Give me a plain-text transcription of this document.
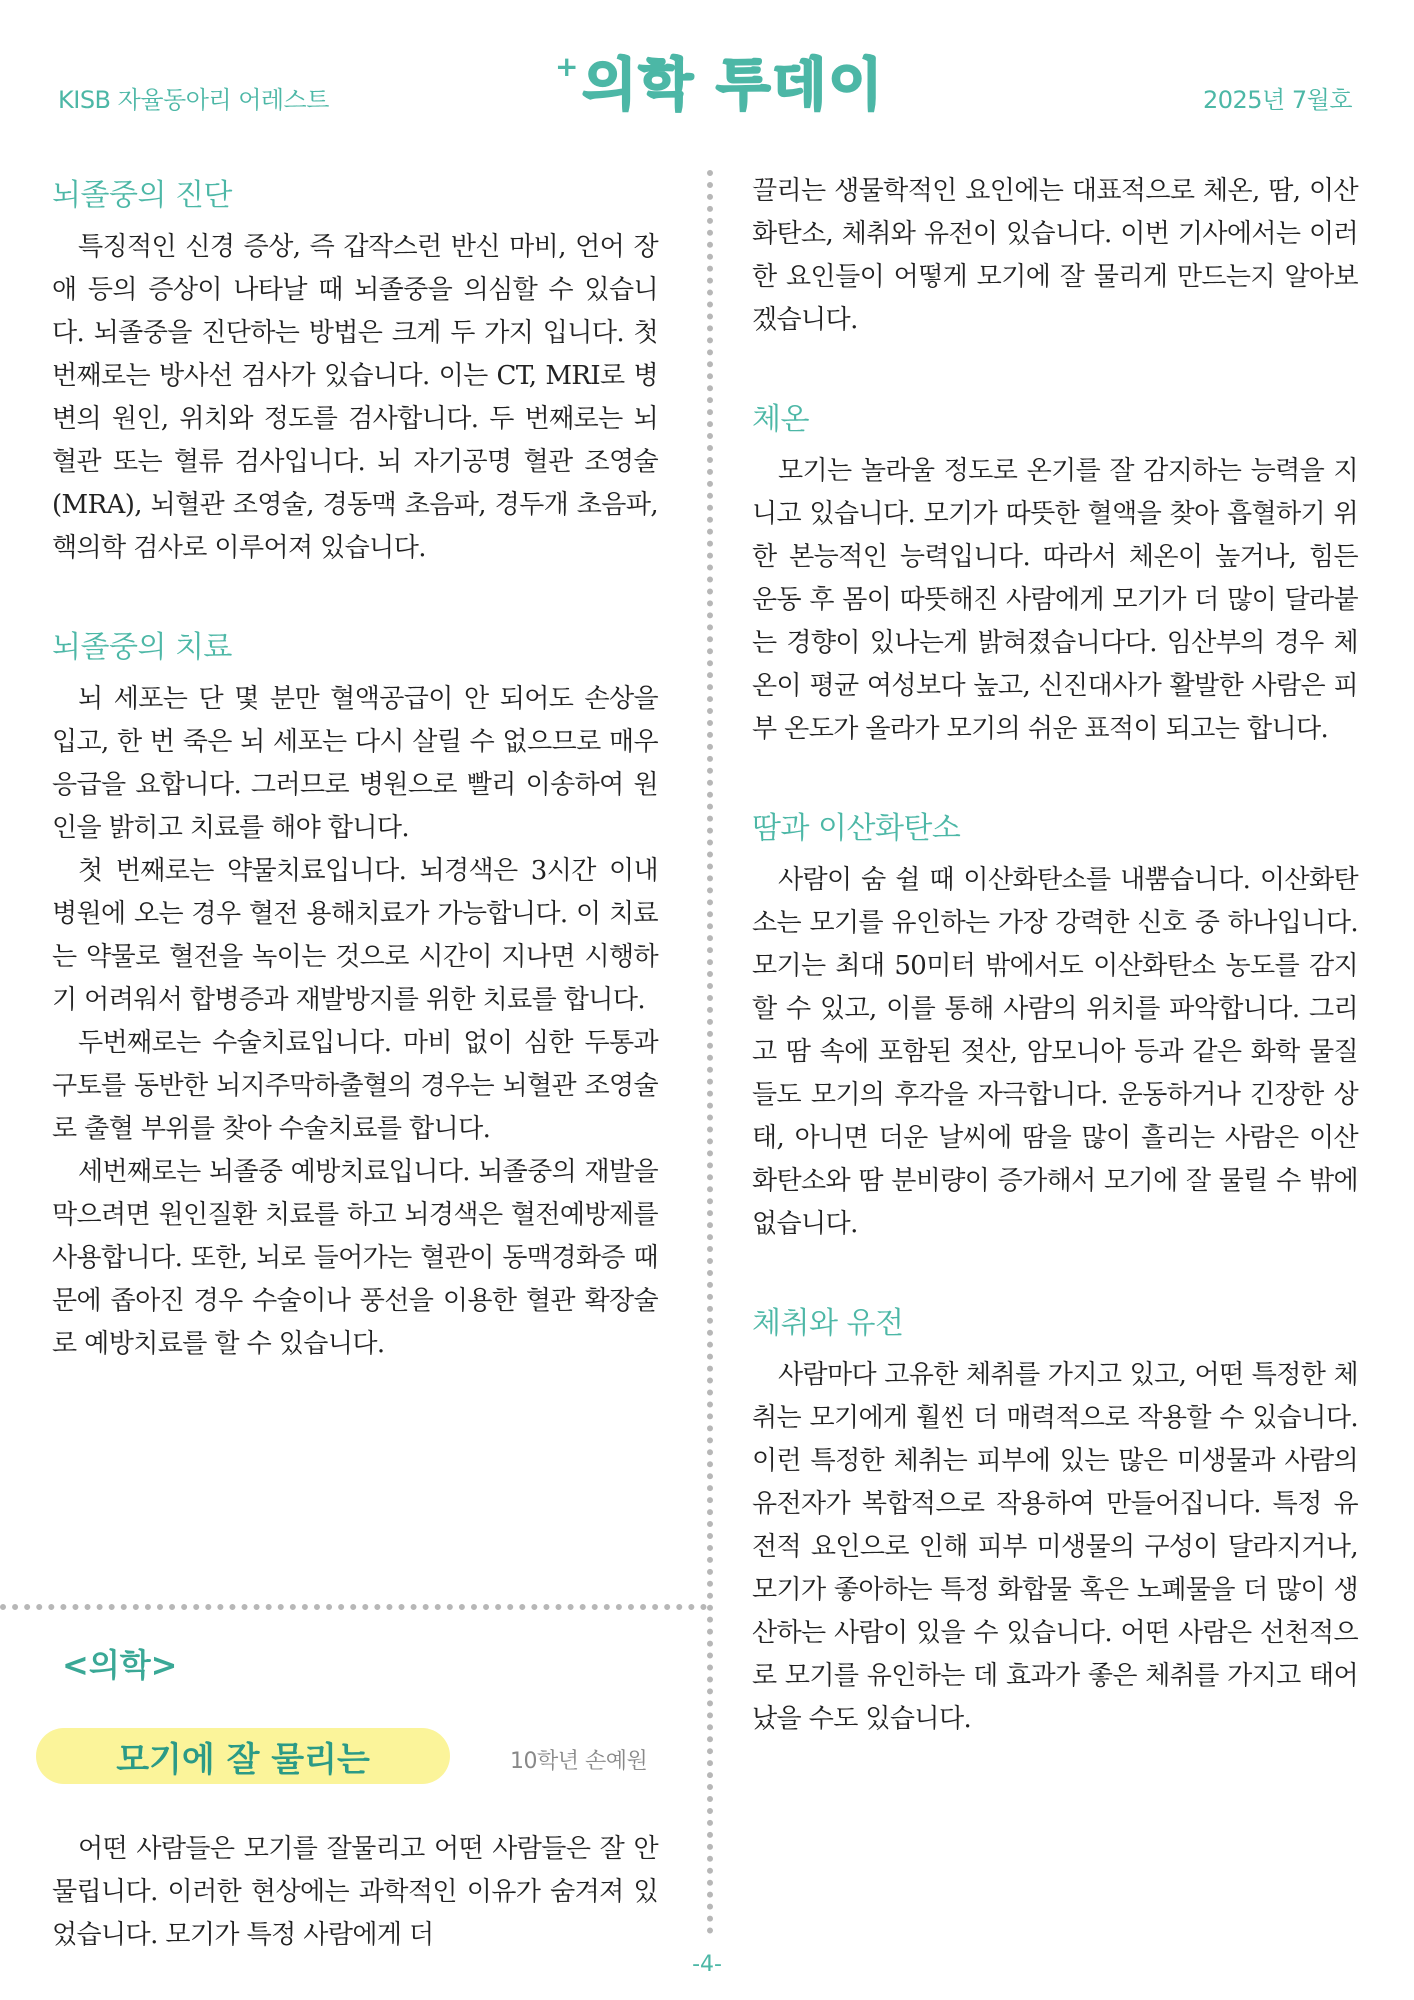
KISB 자율동아리 어레스트
+ 의학 투데이	2025년 7월호
뇌졸중의 진단

특징적인 신경 증상, 즉 갑작스런 반신 마비, 언어 장애 등의 증상이 나타날 때 뇌졸중을 의심할 수 있습니다. 뇌졸중을 진단하는 방법은 크게 두 가지 입니다. 첫 번째로는 방사선 검사가 있습니다. 이는 CT, MRI로 병변의 원인, 위치와 정도를 검사합니다. 두 번째로는 뇌혈관 또는 혈류 검사입니다. 뇌 자기공명 혈관 조영술(MRA), 뇌혈관 조영술, 경동맥 초음파, 경두개 초음파, 핵의학 검사로 이루어져 있습니다.

뇌졸중의 치료

뇌 세포는 단 몇 분만 혈액공급이 안 되어도 손상을 입고, 한 번 죽은 뇌 세포는 다시 살릴 수 없으므로 매우 응급을 요합니다. 그러므로 병원으로 빨리 이송하여 원인을 밝히고 치료를 해야 합니다.

첫 번째로는 약물치료입니다. 뇌경색은 3시간 이내 병원에 오는 경우 혈전 용해치료가 가능합니다. 이 치료는 약물로 혈전을 녹이는 것으로 시간이 지나면 시행하기 어려워서 합병증과 재발방지를 위한 치료를 합니다.

두번째로는 수술치료입니다. 마비 없이 심한 두통과 구토를 동반한 뇌지주막하출혈의 경우는 뇌혈관 조영술로 출혈 부위를 찾아 수술치료를 합니다.

세번째로는 뇌졸중 예방치료입니다. 뇌졸중의 재발을 막으려면 원인질환 치료를 하고 뇌경색은 혈전예방제를 사용합니다. 또한, 뇌로 들어가는 혈관이 동맥경화증 때문에 좁아진 경우 수술이나 풍선을 이용한 혈관 확장술로 예방치료를 할 수 있습니다.

<의학>
모기에 잘 물리는	10학년 손예원

어떤 사람들은 모기를 잘물리고 어떤 사람들은 잘 안 물립니다. 이러한 현상에는 과학적인 이유가 숨겨져 있었습니다. 모기가 특정 사람에게 더

끌리는 생물학적인 요인에는 대표적으로 체온, 땀, 이산화탄소, 체취와 유전이 있습니다. 이번 기사에서는 이러한 요인들이 어떻게 모기에 잘 물리게 만드는지 알아보겠습니다.

체온

모기는 놀라울 정도로 온기를 잘 감지하는 능력을 지니고 있습니다. 모기가 따뜻한 혈액을 찾아 흡혈하기 위한 본능적인 능력입니다. 따라서 체온이 높거나, 힘든 운동 후 몸이 따뜻해진 사람에게 모기가 더 많이 달라붙는 경향이 있나는게 밝혀졌습니다다. 임산부의 경우 체온이 평균 여성보다 높고, 신진대사가 활발한 사람은 피부 온도가 올라가 모기의 쉬운 표적이 되고는 합니다.

땀과 이산화탄소

사람이 숨 쉴 때 이산화탄소를 내뿜습니다. 이산화탄소는 모기를 유인하는 가장 강력한 신호 중 하나입니다. 모기는 최대 50미터 밖에서도 이산화탄소 농도를 감지할 수 있고, 이를 통해 사람의 위치를 파악합니다. 그리고 땀 속에 포함된 젖산, 암모니아 등과 같은 화학 물질들도 모기의 후각을 자극합니다. 운동하거나 긴장한 상태, 아니면 더운 날씨에 땀을 많이 흘리는 사람은 이산화탄소와 땀 분비량이 증가해서 모기에 잘 물릴 수 밖에 없습니다.

체취와 유전

사람마다 고유한 체취를 가지고 있고, 어떤 특정한 체취는 모기에게 훨씬 더 매력적으로 작용할 수 있습니다. 이런 특정한 체취는 피부에 있는 많은 미생물과 사람의 유전자가 복합적으로 작용하여 만들어집니다. 특정 유전적 요인으로 인해 피부 미생물의 구성이 달라지거나, 모기가 좋아하는 특정 화합물 혹은 노폐물을 더 많이 생산하는 사람이 있을 수 있습니다. 어떤 사람은 선천적으로 모기를 유인하는 데 효과가 좋은 체취를 가지고 태어났을 수도 있습니다.

-4-
